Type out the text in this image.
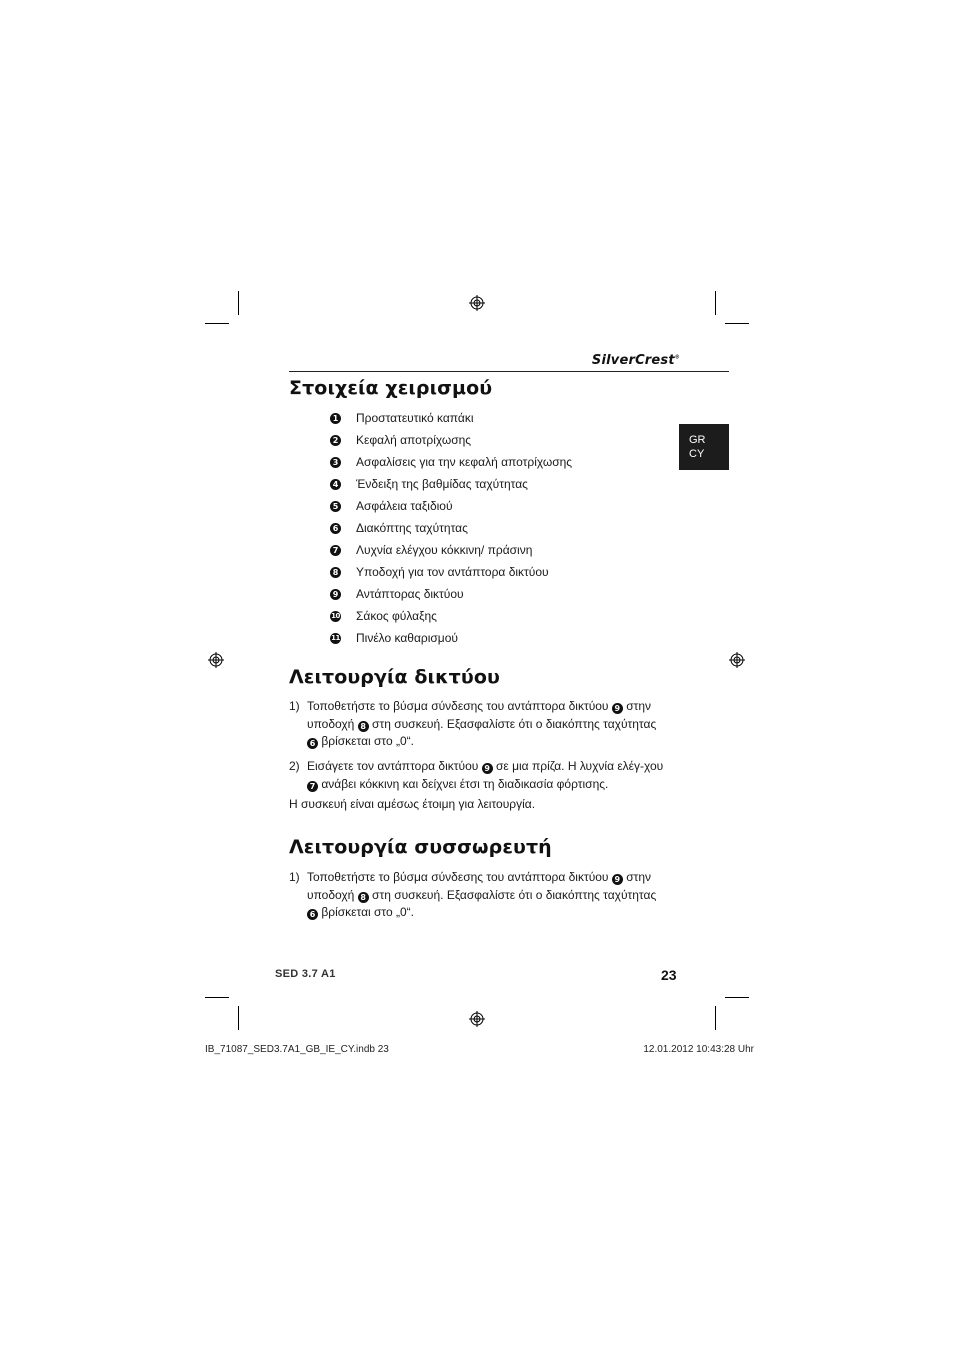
SilverCrest®
GR
CY
Στοιχεία χειρισμού
1 Προστατευτικό καπάκι
2 Κεφαλή αποτρίχωσης
3 Ασφαλίσεις για την κεφαλή αποτρίχωσης
4 Ένδειξη της βαθμίδας ταχύτητας
5 Ασφάλεια ταξιδιού
6 Διακόπτης ταχύτητας
7 Λυχνία ελέγχου κόκκινη/ πράσινη
8 Υποδοχή για τον αντάπτορα δικτύου
9 Αντάπτορας δικτύου
10 Σάκος φύλαξης
11 Πινέλο καθαρισμού
Λειτουργία δικτύου
1) Τοποθετήστε το βύσμα σύνδεσης του αντάπτορα δικτύου 9 στην υποδοχή 8 στη συσκευή. Εξασφαλίστε ότι ο διακόπτης ταχύτητας 6 βρίσκεται στο „0“.
2) Εισάγετε τον αντάπτορα δικτύου 9 σε μια πρίζα. Η λυχνία ελέγ-χου 7 ανάβει κόκκινη και δείχνει έτσι τη διαδικασία φόρτισης.
Η συσκευή είναι αμέσως έτοιμη για λειτουργία.
Λειτουργία συσσωρευτή
1) Τοποθετήστε το βύσμα σύνδεσης του αντάπτορα δικτύου 9 στην υποδοχή 8 στη συσκευή. Εξασφαλίστε ότι ο διακόπτης ταχύτητας 6 βρίσκεται στο „0“.
SED 3.7 A1	23
IB_71087_SED3.7A1_GB_IE_CY.indb 23	12.01.2012 10:43:28 Uhr
